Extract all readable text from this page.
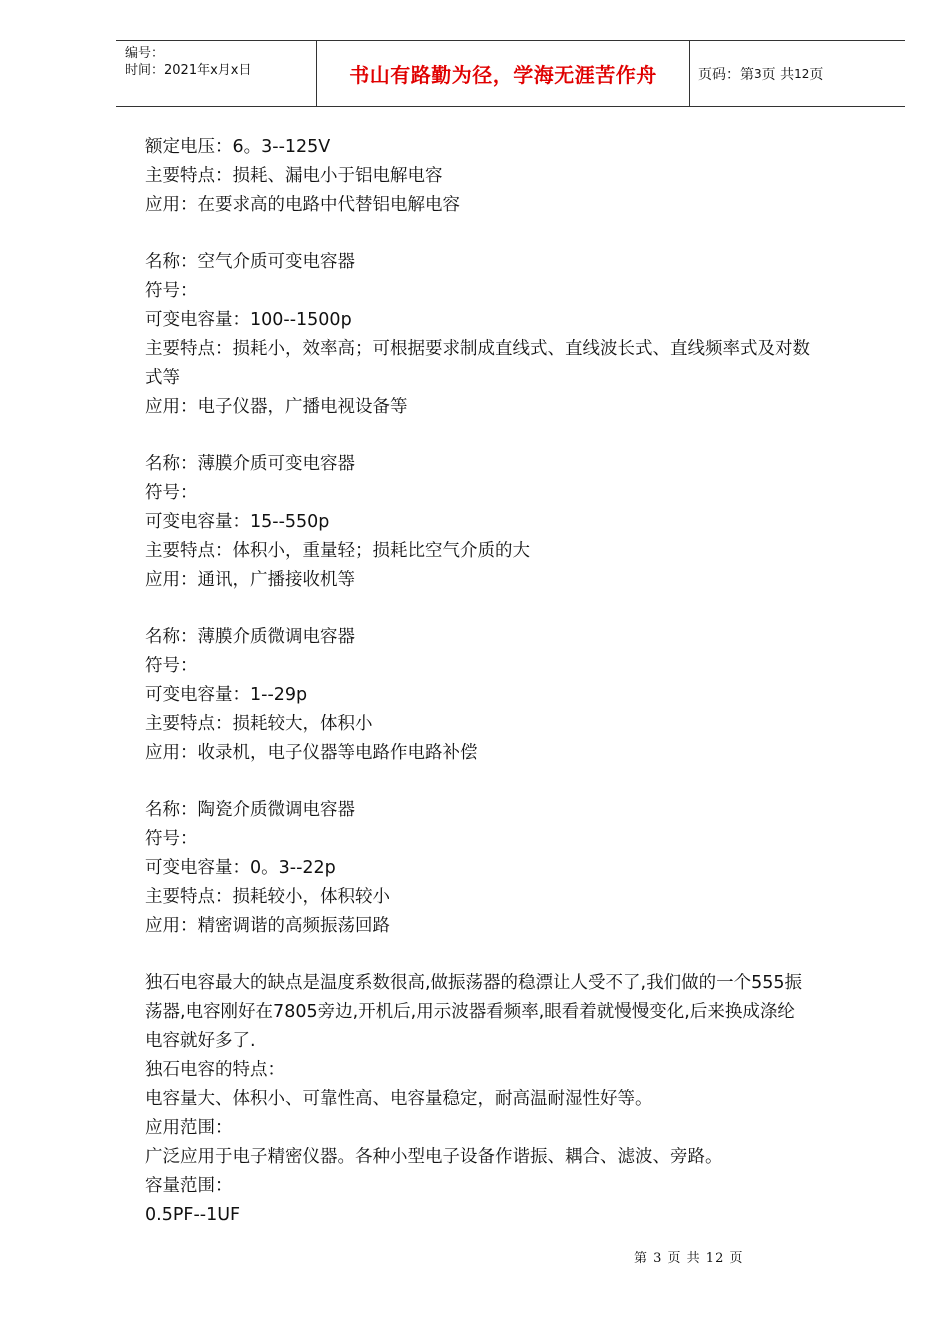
编号：
时间：2021年x月x日	书山有路勤为径，学海无涯苦作舟	页码：第 3 页 共 12 页

额定电压：6。3--125V

主要特点：损耗、漏电小于铝电解电容

应用：在要求高的电路中代替铝电解电容

名称：空气介质可变电容器

符号：

可变电容量：100--1500p

主要特点：损耗小，效率高；可根据要求制成直线式、直线波长式、直线频率式及对数

式等

应用：电子仪器，广播电视设备等

名称：薄膜介质可变电容器

符号：

可变电容量：15--550p

主要特点：体积小，重量轻；损耗比空气介质的大

应用：通讯，广播接收机等

名称：薄膜介质微调电容器

符号：

可变电容量：1--29p

主要特点：损耗较大，体积小

应用：收录机，电子仪器等电路作电路补偿

名称：陶瓷介质微调电容器

符号：

可变电容量：0。3--22p

主要特点：损耗较小，体积较小

应用：精密调谐的高频振荡回路

独石电容最大的缺点是温度系数很高,做振荡器的稳漂让人受不了,我们做的一个555振

荡器,电容刚好在7805旁边,开机后,用示波器看频率,眼看着就慢慢变化,后来换成涤纶

电容就好多了.

独石电容的特点：

电容量大、体积小、可靠性高、电容量稳定，耐高温耐湿性好等。

应用范围：

广泛应用于电子精密仪器。各种小型电子设备作谐振、耦合、滤波、旁路。

容量范围：

0.5PF--1UF

第 3 页 共 12 页
